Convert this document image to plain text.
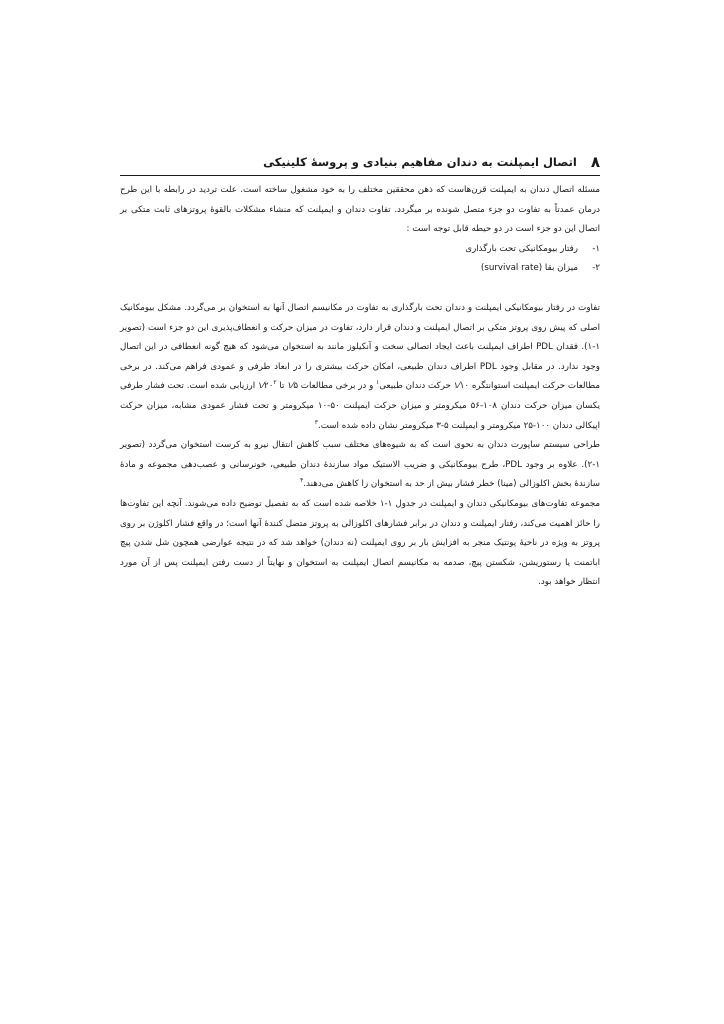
۸
اتصال ایمپلنت به دندان مفاهیم بنیادی و پروسهٔ کلینیکی

مسئله اتصال دندان به ایمپلنت قرن‌هاست که ذهن محققین مختلف را به خود مشغول ساخته است. علت تردید در رابطه با این طرح درمان عمدتاً به تفاوت دو جزء متصل شونده بر میگردد. تفاوت دندان و ایمپلنت که منشاء مشکلات بالقوهٔ پروتزهای ثابت متکی بر اتصال این دو جزء است در دو حیطه قابل توجه است :

۱-
رفتار بیومکانیکی تحت بارگذاری
۲-
میزان بقا (survival rate)

تفاوت در رفتار بیومکانیکی ایمپلنت و دندان تحت بارگذاری به تفاوت در مکانیسم اتصال آنها به استخوان بر می‌گردد. مشکل بیومکانیک اصلی که پیش روی پروتز متکی بر اتصال ایمپلنت و دندان قرار دارد، تفاوت در میزان حرکت و انعطاف‌پذیری این دو جزء است (تصویر ۱-۱). فقدان PDL اطراف ایمپلنت باعث ایجاد اتصالی سخت و آنکیلوز مانند به استخوان می‌شود که هیچ گونه انعطافی در این اتصال وجود ندارد. در مقابل وجود PDL اطراف دندان طبیعی، امکان حرکت بیشتری را در ابعاد طرفی و عمودی فراهم می‌کند. در برخی مطالعات حرکت ایمپلنت استوانتگره ۱⁄۱۰ حرکت دندان طبیعی$^۱$ و در برخی مطالعات ۱⁄۵ تا $۱⁄۲۰^۲$ ارزیابی شده است. تحت فشار طرفی یکسان میزان حرکت دندان ۱۰۸-۵۶ میکرومتر و میزان حرکت ایمپلنت ۵۰-۱۰ میکرومتر و تحت فشار عمودی مشابه، میزان حرکت اپیکالی دندان ۱۰۰-۲۵ میکرومتر و ایمپلنت ۵-۳ میکرومتر نشان داده شده است.$^۳$

طراحی سیستم ساپورت دندان به نحوی است که به شیوه‌های مختلف سبب کاهش انتقال نیرو به کرست استخوان می‌گردد (تصویر ۱-۲). علاوه بر وجود PDL، طرح بیومکانیکی و ضریب الاستیک مواد سازندهٔ دندان طبیعی، خونرسانی و عصب‌دهی مجموعه و مادهٔ سازندهٔ بخش اکلوزالی (مینا) خطر فشار بیش از حد به استخوان را کاهش می‌دهند.$^۴$

مجموعه تفاوت‌های بیومکانیکی دندان و ایمپلنت در جدول ۱-۱ خلاصه شده است که به تفصیل توضیح داده می‌شوند. آنچه این تفاوت‌ها را حائز اهمیت می‌کند، رفتار ایمپلنت و دندان در برابر فشارهای اکلوزالی به پروتز متصل کنندهٔ آنها است؛ در واقع فشار اکلوژن بر روی پروتز به ویژه در ناحیهٔ پونتیک منجر به افزایش بار بر روی ایمپلنت (نه دندان) خواهد شد که در نتیجه عوارضی همچون شل شدن پیچ اباتمنت یا رستوریشن، شکستن پیچ، صدمه به مکانیسم اتصال ایمپلنت به استخوان و نهایتاً از دست رفتن ایمپلنت پس از آن مورد انتظار خواهد بود.
